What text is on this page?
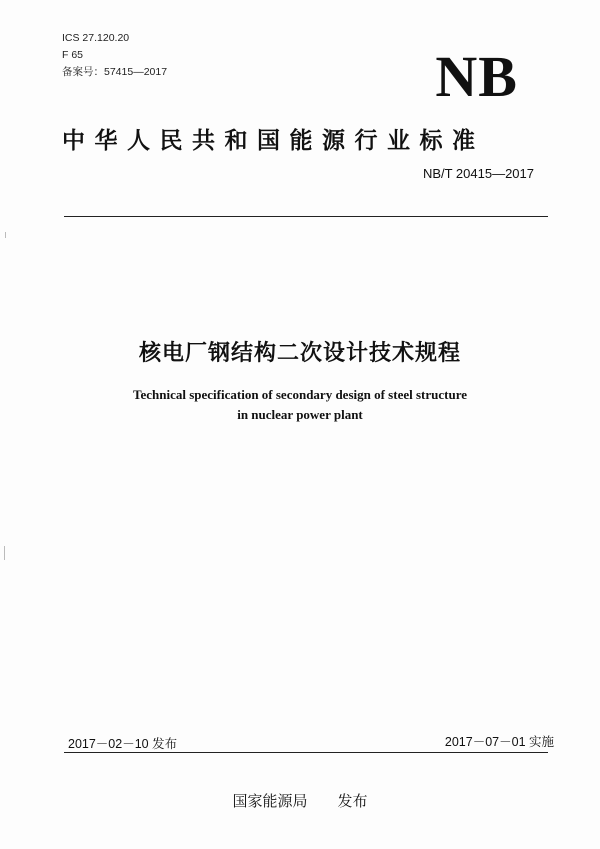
ICS 27.120.20
F 65
备案号：57415—2017	NB
中华人民共和国能源行业标准
NB/T 20415—2017
核电厂钢结构二次设计技术规程
Technical specification of secondary design of steel structure
in nuclear power plant
2017－02－10 发布	2017－07－01 实施
国家能源局 发布
